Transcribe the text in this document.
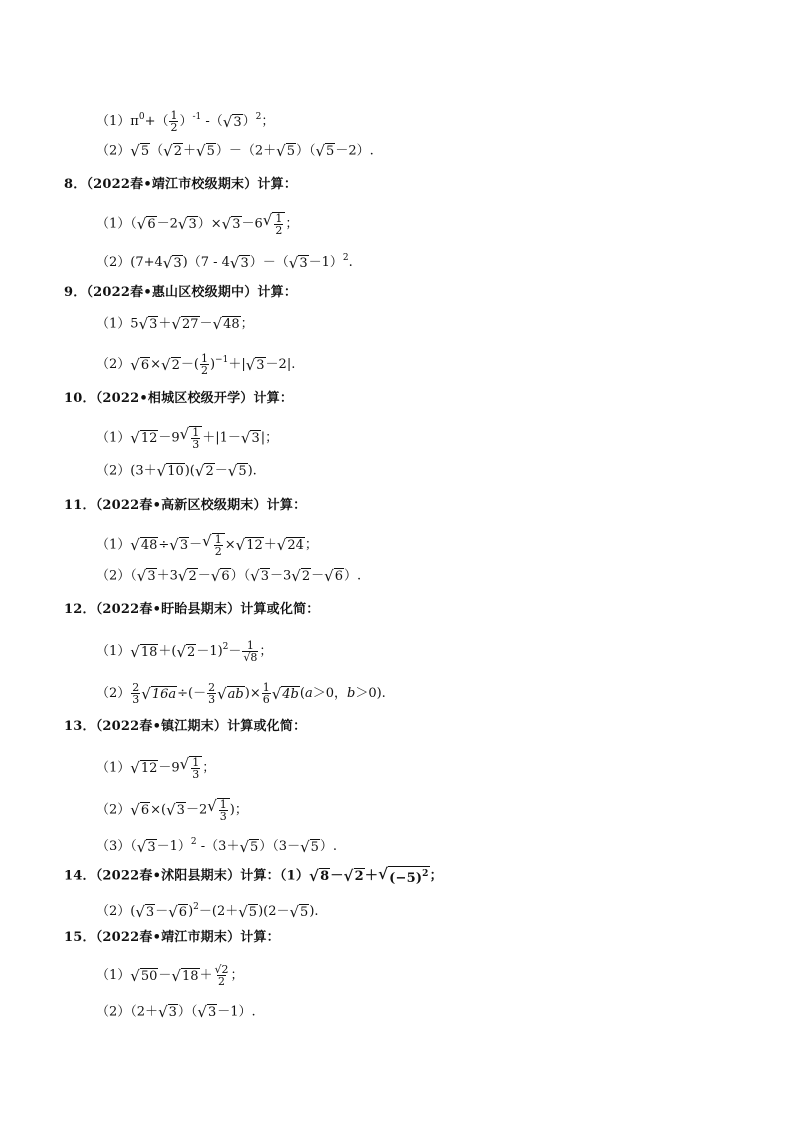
$(1)\pi^0+( \frac{1}{2} )^{-1}$ -（ √ 3 ）$^2$；
（2） √ 5 （ √ 2 ＋ √ 5 ）－（2＋ √ 5 ）（ √ 5 －2）.
8．（2022春•靖江市校级期末）计算：
（1）（ √ 6 －2 √ 3 ）× √ 3 －6 √ $\frac{1}{2}$ ；
（2）(7+4 √ 3 )（7 - 4 √ 3 ）－（ √ 3 －1）$^2$.
9．（2022春•惠山区校级期中）计算：
（1）5 √ 3 ＋ √ 27 － √ 48 ；
（2） √ 6 × √ 2 －( $\frac{1}{2} )^{-1}+|$ √ 3 －2|.
10．（2022•相城区校级开学）计算：
（1） √ 12 －9 √ $\frac{1}{3} +|1-$ √ 3 |；
（2）(3＋ √ 10 )( √ 2 － √ 5 ).
11．（2022春•高新区校级期末）计算：
（1） √ 48 ÷ √ 3 － √ $\frac{1}{2}$ × √ 12 ＋ √ 24 ；
（2）（ √ 3 ＋3 √ 2 － √ 6 ）（ √ 3 －3 √ 2 － √ 6 ）.
12．（2022春•盱眙县期末）计算或化简：
（1） √ 18 ＋( √ $2 -1)^2- \frac{1}{√8}$ ；
$(2) \frac{2}{3}$ √ 16a ÷(－ $\frac{2}{3}$ √ ab )× $\frac{1}{6}$ √ 4b (a＞0，b＞0).
13．（2022春•镇江期末）计算或化简：
（1） √ 12 －9 √ $\frac{1}{3}$ ；
（2） √ 6 ×( √ 3 －2 √ $\frac{1}{3}$ )；
（3）（ √ 3 －1）$^2$ -（3＋ √ 5 ）（3－ √ 5 ）.
14．（2022春•沭阳县期末）计算：（1） √ 8 － √ 2 ＋ √ $(-5)^2$ ；
（2）( √ 3 － √ 6 )$^2$－(2＋ √ 5 )(2－ √ 5 ).
15．（2022春•靖江市期末）计算：
（1） √ 50 － √ $18 + \frac{√2}{2}$ ；
（2）（2＋ √ 3 ）（ √ 3 －1）.
